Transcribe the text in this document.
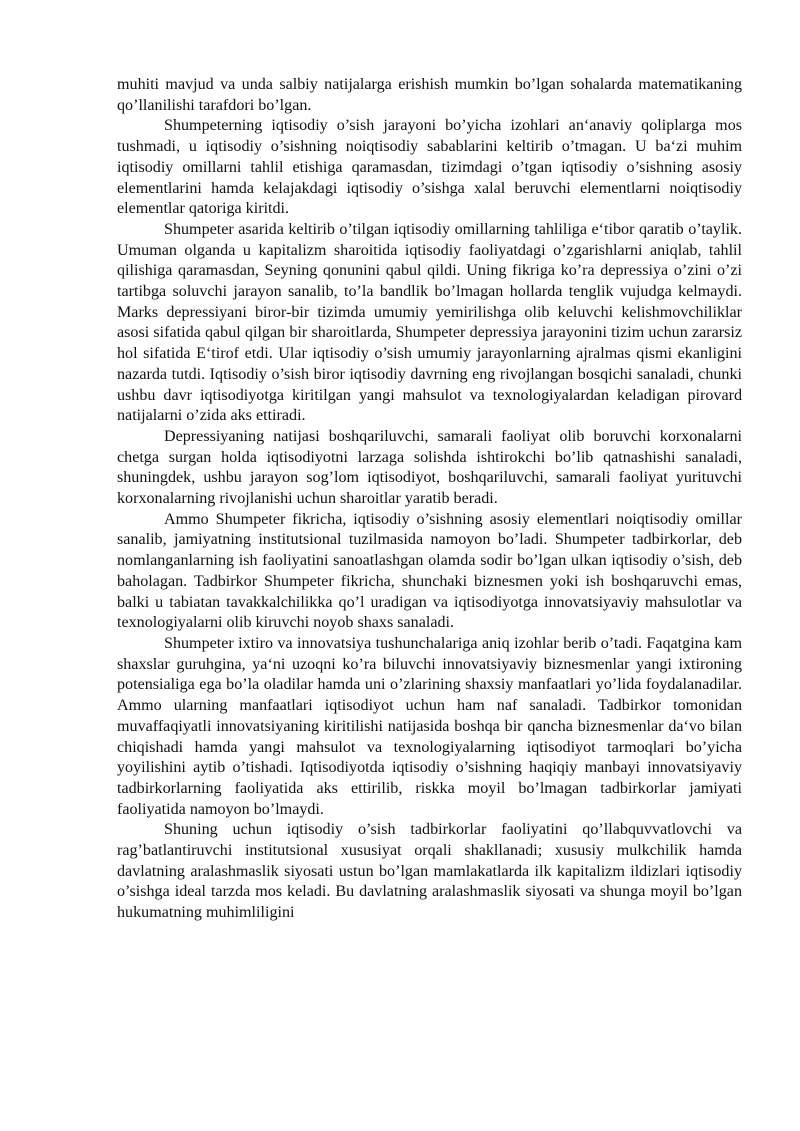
muhiti mavjud va unda salbiy natijalarga erishish mumkin bo’lgan sohalarda matematikaning qo’llanilishi tarafdori bo’lgan.

Shumpeterning iqtisodiy o’sish jarayoni bo’yicha izohlari an‘anaviy qoliplarga mos tushmadi, u iqtisodiy o’sishning noiqtisodiy sabablarini keltirib o’tmagan. U ba‘zi muhim iqtisodiy omillarni tahlil etishiga qaramasdan, tizimdagi o’tgan iqtisodiy o’sishning asosiy elementlarini hamda kelajakdagi iqtisodiy o’sishga xalal beruvchi elementlarni noiqtisodiy elementlar qatoriga kiritdi.

Shumpeter asarida keltirib o’tilgan iqtisodiy omillarning tahliliga e‘tibor qaratib o’taylik. Umuman olganda u kapitalizm sharoitida iqtisodiy faoliyatdagi o’zgarishlarni aniqlab, tahlil qilishiga qaramasdan, Seyning qonunini qabul qildi. Uning fikriga ko’ra depressiya o’zini o’zi tartibga soluvchi jarayon sanalib, to’la bandlik bo’lmagan hollarda tenglik vujudga kelmaydi. Marks depressiyani biror-bir tizimda umumiy yemirilishga olib keluvchi kelishmovchiliklar asosi sifatida qabul qilgan bir sharoitlarda, Shumpeter depressiya jarayonini tizim uchun zararsiz hol sifatida E‘tirof etdi. Ular iqtisodiy o’sish umumiy jarayonlarning ajralmas qismi ekanligini nazarda tutdi. Iqtisodiy o’sish biror iqtisodiy davrning eng rivojlangan bosqichi sanaladi, chunki ushbu davr iqtisodiyotga kiritilgan yangi mahsulot va texnologiyalardan keladigan pirovard natijalarni o’zida aks ettiradi.

Depressiyaning natijasi boshqariluvchi, samarali faoliyat olib boruvchi korxonalarni chetga surgan holda iqtisodiyotni larzaga solishda ishtirokchi bo’lib qatnashishi sanaladi, shuningdek, ushbu jarayon sog’lom iqtisodiyot, boshqariluvchi, samarali faoliyat yurituvchi korxonalarning rivojlanishi uchun sharoitlar yaratib beradi.

Ammo Shumpeter fikricha, iqtisodiy o’sishning asosiy elementlari noiqtisodiy omillar sanalib, jamiyatning institutsional tuzilmasida namoyon bo’ladi. Shumpeter tadbirkorlar, deb nomlanganlarning ish faoliyatini sanoatlashgan olamda sodir bo’lgan ulkan iqtisodiy o’sish, deb baholagan. Tadbirkor Shumpeter fikricha, shunchaki biznesmen yoki ish boshqaruvchi emas, balki u tabiatan tavakkalchilikka qo’l uradigan va iqtisodiyotga innovatsiyaviy mahsulotlar va texnologiyalarni olib kiruvchi noyob shaxs sanaladi.

Shumpeter ixtiro va innovatsiya tushunchalariga aniq izohlar berib o’tadi. Faqatgina kam shaxslar guruhgina, ya‘ni uzoqni ko’ra biluvchi innovatsiyaviy biznesmenlar yangi ixtironing potensialiga ega bo’la oladilar hamda uni o’zlarining shaxsiy manfaatlari yo’lida foydalanadilar. Ammo ularning manfaatlari iqtisodiyot uchun ham naf sanaladi. Tadbirkor tomonidan muvaffaqiyatli innovatsiyaning kiritilishi natijasida boshqa bir qancha biznesmenlar da‘vo bilan chiqishadi hamda yangi mahsulot va texnologiyalarning iqtisodiyot tarmoqlari bo’yicha yoyilishini aytib o’tishadi. Iqtisodiyotda iqtisodiy o’sishning haqiqiy manbayi innovatsiyaviy tadbirkorlarning faoliyatida aks ettirilib, riskka moyil bo’lmagan tadbirkorlar jamiyati faoliyatida namoyon bo’lmaydi.

Shuning uchun iqtisodiy o’sish tadbirkorlar faoliyatini qo’llabquvvatlovchi va rag’batlantiruvchi institutsional xususiyat orqali shakllanadi; xususiy mulkchilik hamda davlatning aralashmaslik siyosati ustun bo’lgan mamlakatlarda ilk kapitalizm ildizlari iqtisodiy o’sishga ideal tarzda mos keladi. Bu davlatning aralashmaslik siyosati va shunga moyil bo’lgan hukumatning muhimliligini
